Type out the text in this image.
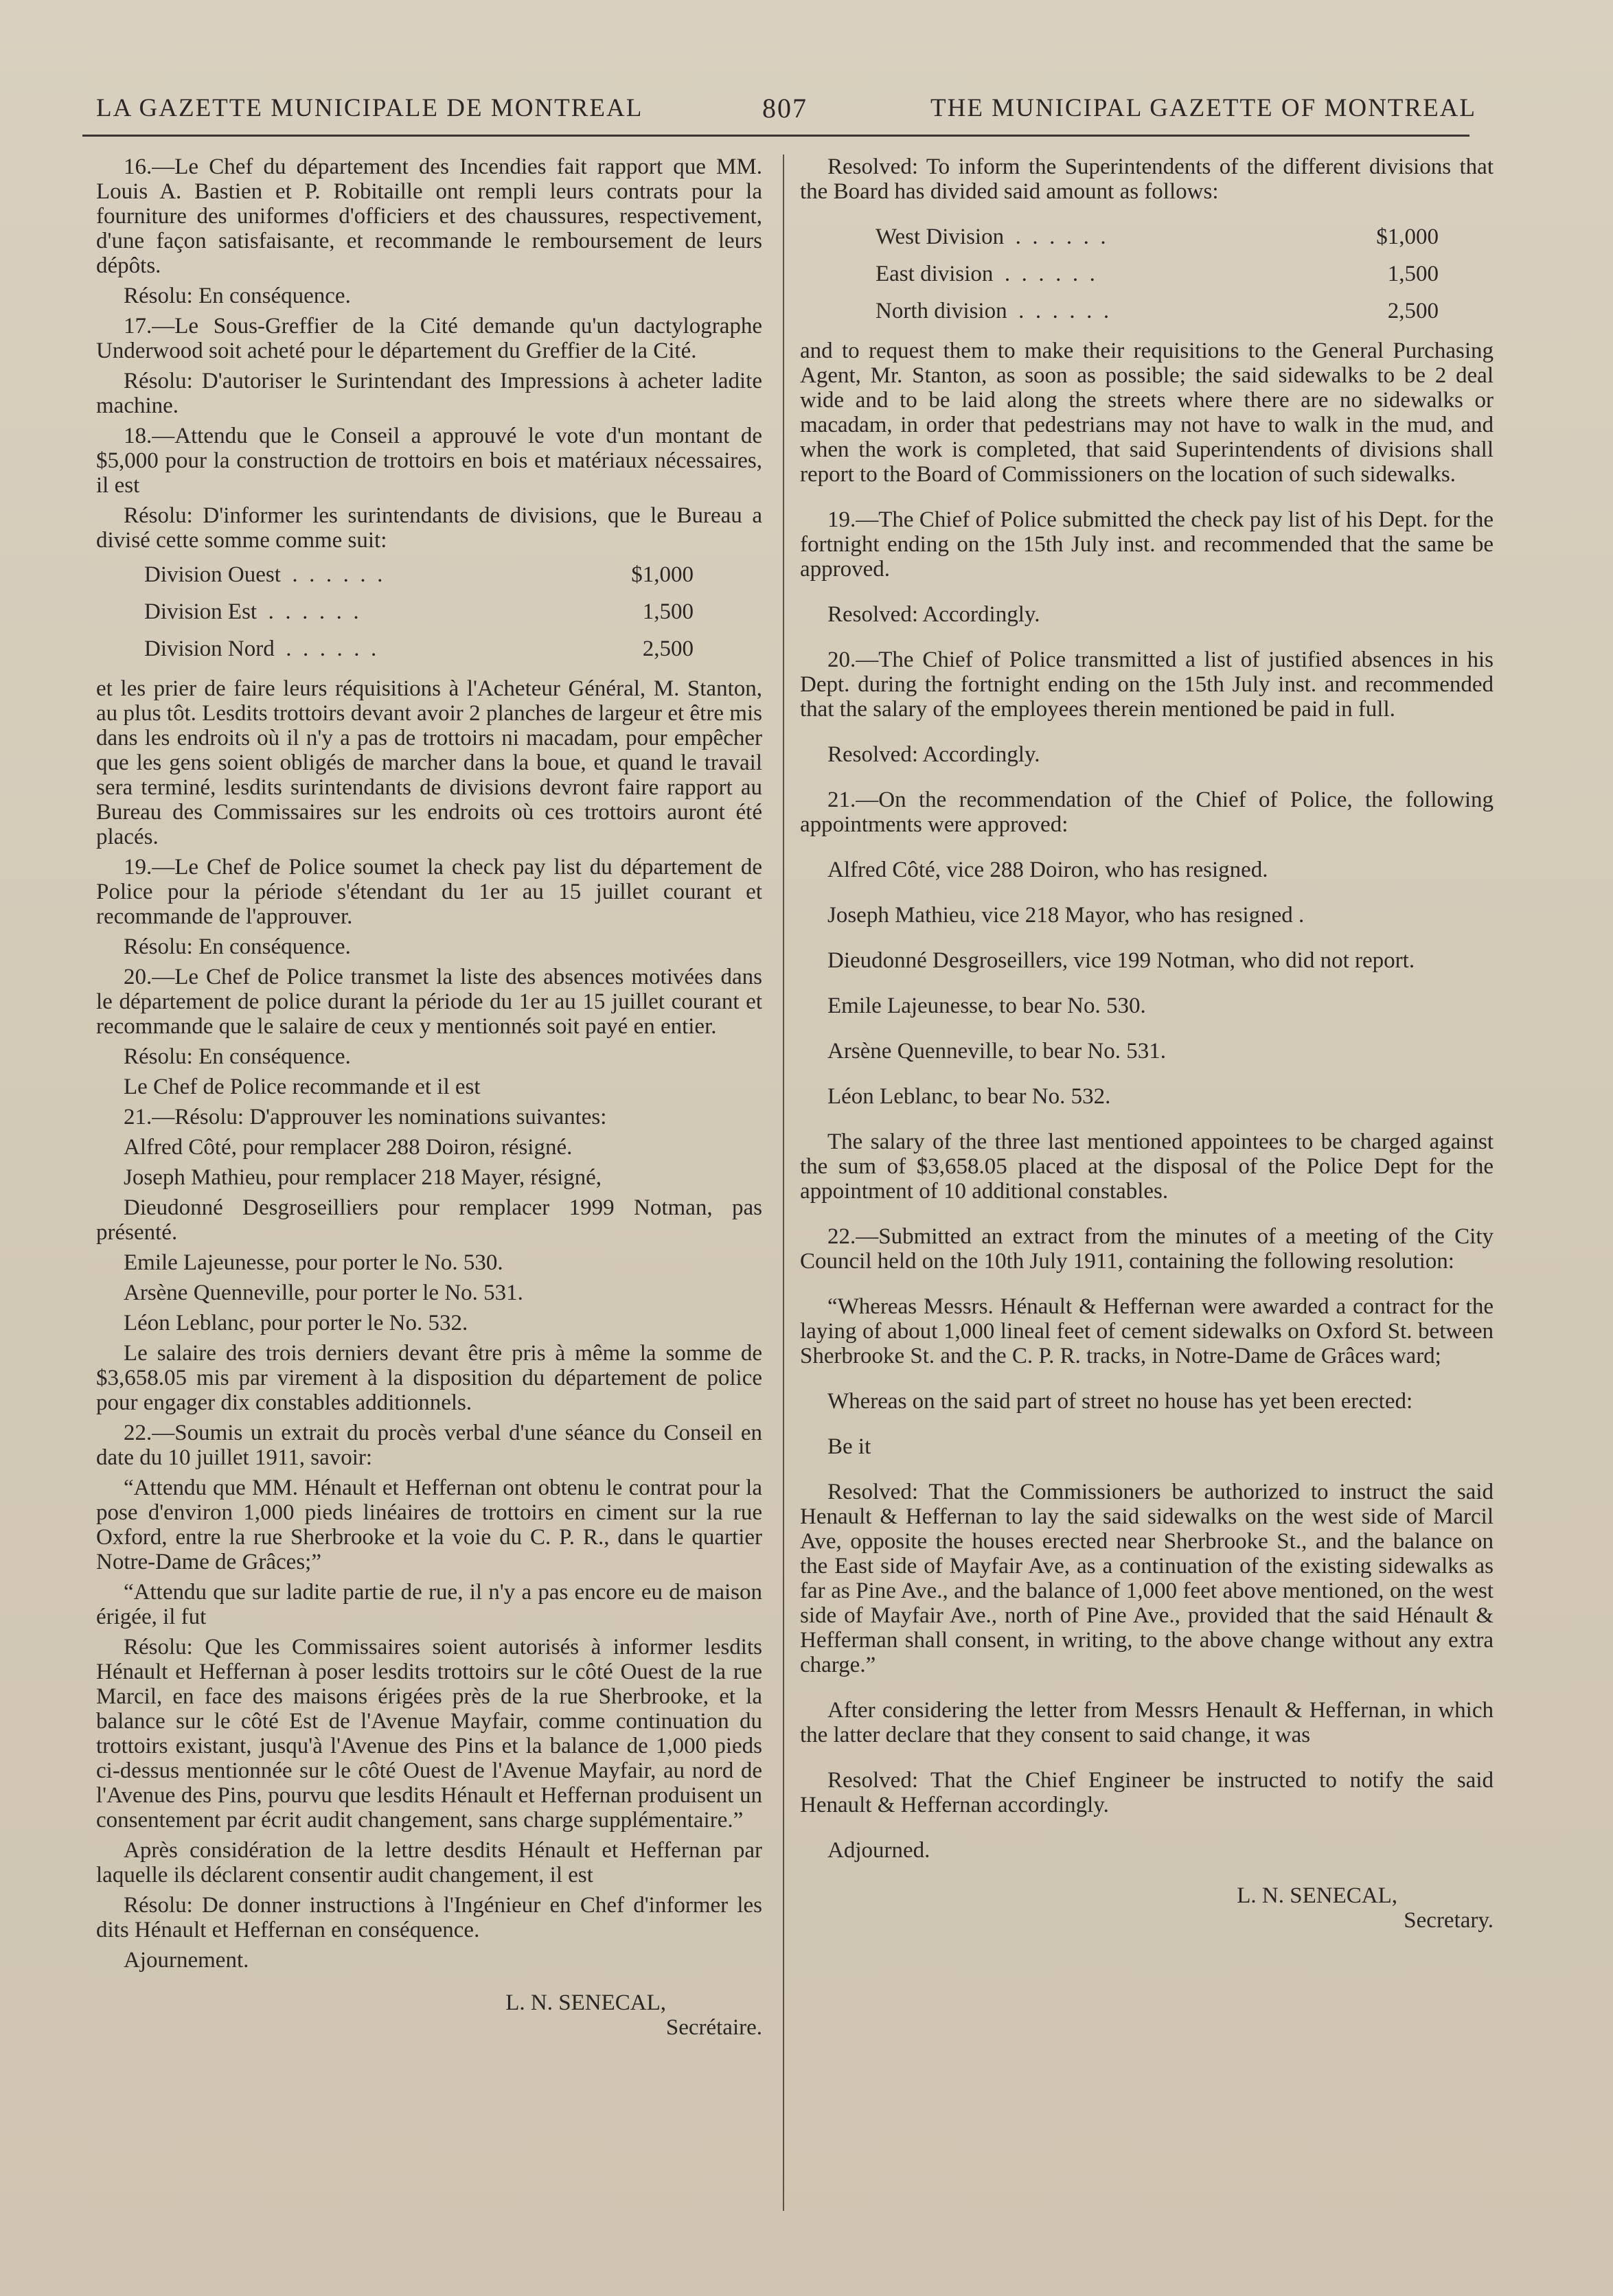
LA GAZETTE MUNICIPALE DE MONTREAL	807	THE MUNICIPAL GAZETTE OF MONTREAL

16.—Le Chef du département des Incendies fait rapport que MM. Louis A. Bastien et P. Robitaille ont rempli leurs contrats pour la fourniture des uniformes d'officiers et des chaussures, respectivement, d'une façon satisfaisante, et recommande le remboursement de leurs dépôts.

Résolu: En conséquence.

17.—Le Sous-Greffier de la Cité demande qu'un dactylographe Underwood soit acheté pour le département du Greffier de la Cité.

Résolu: D'autoriser le Surintendant des Impressions à acheter ladite machine.

18.—Attendu que le Conseil a approuvé le vote d'un montant de $5,000 pour la construction de trottoirs en bois et matériaux nécessaires, il est

Résolu: D'informer les surintendants de divisions, que le Bureau a divisé cette somme comme suit:

Division Ouest . .	$1,000
Division Est . .	1,500
Division Nord . .	2,500

et les prier de faire leurs réquisitions à l'Acheteur Général, M. Stanton, au plus tôt. Lesdits trottoirs devant avoir 2 planches de largeur et être mis dans les endroits où il n'y a pas de trottoirs ni macadam, pour empêcher que les gens soient obligés de marcher dans la boue, et quand le travail sera terminé, lesdits surintendants de divisions devront faire rapport au Bureau des Commissaires sur les endroits où ces trottoirs auront été placés.

19.—Le Chef de Police soumet la check pay list du département de Police pour la période s'étendant du 1er au 15 juillet courant et recommande de l'approuver.

Résolu: En conséquence.

20.—Le Chef de Police transmet la liste des absences motivées dans le département de police durant la période du 1er au 15 juillet courant et recommande que le salaire de ceux y mentionnés soit payé en entier.

Résolu: En conséquence.

Le Chef de Police recommande et il est

21.—Résolu: D'approuver les nominations suivantes:

Alfred Côté, pour remplacer 288 Doiron, résigné.

Joseph Mathieu, pour remplacer 218 Mayer, résigné,

Dieudonné Desgroseilliers pour remplacer 1999 Notman, pas présenté.

Emile Lajeunesse, pour porter le No. 530.

Arsène Quenneville, pour porter le No. 531.

Léon Leblanc, pour porter le No. 532.

Le salaire des trois derniers devant être pris à même la somme de $3,658.05 mis par virement à la disposition du département de police pour engager dix constables additionnels.

22.—Soumis un extrait du procès verbal d'une séance du Conseil en date du 10 juillet 1911, savoir:

“Attendu que MM. Hénault et Heffernan ont obtenu le contrat pour la pose d'environ 1,000 pieds linéaires de trottoirs en ciment sur la rue Oxford, entre la rue Sherbrooke et la voie du C. P. R., dans le quartier Notre-Dame de Grâces;”

“Attendu que sur ladite partie de rue, il n'y a pas encore eu de maison érigée, il fut

Résolu: Que les Commissaires soient autorisés à informer lesdits Hénault et Heffernan à poser lesdits trottoirs sur le côté Ouest de la rue Marcil, en face des maisons érigées près de la rue Sherbrooke, et la balance sur le côté Est de l'Avenue Mayfair, comme continuation du trottoirs existant, jusqu'à l'Avenue des Pins et la balance de 1,000 pieds ci-dessus mentionnée sur le côté Ouest de l'Avenue Mayfair, au nord de l'Avenue des Pins, pourvu que lesdits Hénault et Heffernan produisent un consentement par écrit audit changement, sans charge supplémentaire.”

Après considération de la lettre desdits Hénault et Heffernan par laquelle ils déclarent consentir audit changement, il est

Résolu: De donner instructions à l'Ingénieur en Chef d'informer les dits Hénault et Heffernan en conséquence.

Ajournement.

L. N. SENECAL,
Secrétaire.

Resolved: To inform the Superintendents of the different divisions that the Board has divided said amount as follows:

West Division . .	$1,000
East division . .	1,500
North division . .	2,500

and to request them to make their requisitions to the General Purchasing Agent, Mr. Stanton, as soon as possible; the said sidewalks to be 2 deal wide and to be laid along the streets where there are no sidewalks or macadam, in order that pedestrians may not have to walk in the mud, and when the work is completed, that said Superintendents of divisions shall report to the Board of Commissioners on the location of such sidewalks.

19.—The Chief of Police submitted the check pay list of his Dept. for the fortnight ending on the 15th July inst. and recommended that the same be approved.

Resolved: Accordingly.

20.—The Chief of Police transmitted a list of justified absences in his Dept. during the fortnight ending on the 15th July inst. and recommended that the salary of the employees therein mentioned be paid in full.

Resolved: Accordingly.

21.—On the recommendation of the Chief of Police, the following appointments were approved:

Alfred Côté, vice 288 Doiron, who has resigned.

Joseph Mathieu, vice 218 Mayor, who has resigned .

Dieudonné Desgroseillers, vice 199 Notman, who did not report.

Emile Lajeunesse, to bear No. 530.

Arsène Quenneville, to bear No. 531.

Léon Leblanc, to bear No. 532.

The salary of the three last mentioned appointees to be charged against the sum of $3,658.05 placed at the disposal of the Police Dept for the appointment of 10 additional constables.

22.—Submitted an extract from the minutes of a meeting of the City Council held on the 10th July 1911, containing the following resolution:

“Whereas Messrs. Hénault & Heffernan were awarded a contract for the laying of about 1,000 lineal feet of cement sidewalks on Oxford St. between Sherbrooke St. and the C. P. R. tracks, in Notre-Dame de Grâces ward;

Whereas on the said part of street no house has yet been erected:

Be it

Resolved: That the Commissioners be authorized to instruct the said Henault & Heffernan to lay the said sidewalks on the west side of Marcil Ave, opposite the houses erected near Sherbrooke St., and the balance on the East side of Mayfair Ave, as a continuation of the existing sidewalks as far as Pine Ave., and the balance of 1,000 feet above mentioned, on the west side of Mayfair Ave., north of Pine Ave., provided that the said Hénault & Hefferman shall consent, in writing, to the above change without any extra charge.”

After considering the letter from Messrs Henault & Heffernan, in which the latter declare that they consent to said change, it was

Resolved: That the Chief Engineer be instructed to notify the said Henault & Heffernan accordingly.

Adjourned.

L. N. SENECAL,
Secretary.
